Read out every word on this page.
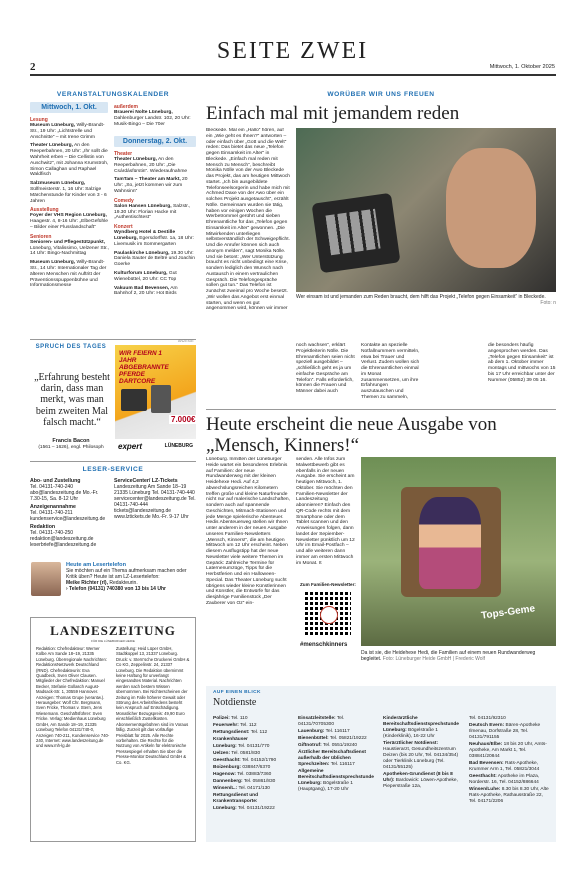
SEITE ZWEI
2	Mittwoch, 1. Oktober 2025
VERANSTALTUNGSKALENDER
Mittwoch, 1. Okt.
Lesung
Museum Lüneburg, Willy-Brandt-Str., 19 Uhr: „Lichtstrelle und Anschnitte“ – mit Irene Grimm
Theater Lüneburg, An den Reeperbahnen, 20 Uhr: „Ihr sollt die Wahrheit erben – Die Cellistin von Auschwitz“, mit Johanna Krumstroh, Simon Callaghan und Raphael Waldfisch
Salzmuseum Lüneburg, Sülfmeisterstr. 1, 16 Uhr: Salzige Märchenstunde für Kinder von 3 - 6 Jahren
Ausstellung
Foyer der VHS Region Lüneburg, Haagestr. 4, 8-16 Uhr: „ElbeGefühle – Bilder einer Flusslandschaft“
Senioren
Senioren- und Pflegestützpunkt, Lüneburg, Vitalissimo, Uelzener Str., 14 Uhr: Bingo-Nachmittag
Museum Lüneburg, Willy-Brandt-Str., 14 Uhr: Internationaler Tag der älteren Menschen mit Auftritt der Präventionsspuppenbühne und Informationsmesse
außerdem
Brauerei Nolte Lüneburg, Dahlenburger Landstr. 102, 20 Uhr: Musik-Bingo – Die 70er
Donnerstag, 2. Okt.
Theater
Theater Lüneburg, An den Reeperbahnen, 20 Uhr: „Die Csárdásfürstin“. Wiederaufnahme
TamTam – Theater am Markt, 20 Uhr: „So, jetzt kommen wir zum Wahnsinn“
Comedy
Salon Hansen Lüneburg, Salzstr., 19.30 Uhr: Florian Hacke mit „Authentischtest“
Konzert
Wyndberg Hotel & Destille Lüneburg, Egersdorffstr. 1a, 18 Uhr: Livemusik im Sommergarten
Paulaskirche Lüneburg, 19.30 Uhr: Daniela Sauter de Beltré und Joachin Goerke
Kulturforum Lüneburg, Gut Wienebüttel, 20 Uhr: CC Top
Vakuum Bad Bevensen, Am Bahnhof 2, 20 Uhr: Hot Birds
SPRUCH DES TAGES
„Erfahrung besteht darin, dass man merkt, was man beim zweiten Mal falsch macht.“
Francis Bacon
(1561 – 1626), engl. Philosoph
ANZEIGE
WIR FEIERN 1 JAHR ABGEBRANNTE PFERDE DARTCORE
7.000€
expert	LÜNEBURG
LESER-SERVICE
Abo- und Zustellung
Tel. 04131-740-240 abo@landeszeitung.de Mo.-Fr. 7.30-15, Sa. 8-12 Uhr
Anzeigenannahme
Tel. 04131-740-211 kundenservice@landeszeitung.de
Redaktion
Tel. 04131-740-250 redaktion@landeszeitung.de leserbriefe@landeszeitung.de
ServiceCenter/ LZ-Tickets
Landeszeitung Am Sande 18–19 21335 Lüneburg Tel. 04131-740-440 servicecenter@landeszeitung.de Tel. 04131-740-444 tickets@landeszeitung.de www.lztickets.de Mo.-Fr. 9-17 Uhr
Heute am Lesertelefon
Sie möchten auf ein Thema aufmerksam machen oder Kritik üben? Heute ist am LZ-Lesertelefon:
Meike Richter (rl), Redakteurin.
› Telefon (04131) 740380 von 13 bis 14 Uhr
LANDESZEITUNG
FÜR DIE LÜNEBURGER HEIDE
Redaktion: Chefredakteur: Werner Kolbe Am Sande 18–19, 21335 Lüneburg. Überregionale Nachrichten: RedaktionsNetzwerk Deutschland (RND). Chefredakteurin: Eva Quadbeck, Sven Oliver Clausen. Mitglieder der Chefredaktion: Manuel Becker, Stefanie Gollasch August-Madsack-Str. 1, 30559 Hannover. Anzeigen: Thomas Grupe (verantw.). Herausgeber: Wolf Chr. Bergmann, Sven Fricke, Thomas v. Stern, Jens Wiesemann. Geschäftsführer: Sven Fricke. Verlag: Medienhaus Lüneburg GmbH, Am Sande 18–19, 21335 Lüneburg Telefon 04131/740-0, Anzeigen 740-211, Kundenservice 740-240, Internet: www.landeszeitung.de und www.mh-lg.de
Zustellung: Heid Lüper GmbH, Stadtkoppel 13, 21337 Lüneburg. Druck: v. Stern'sche Druckerei GmbH & Co KG, Zeppelinstr. 24, 21337 Lüneburg. Die Redaktion übernimmt keine Haftung für unverlangt eingesandtes Material. Nachrichten werden nach bestem Wissen übernommen. Bei Nichterscheinen der Zeitung im Falle höherer Gewalt oder Störung des Arbeitsfriedens besteht kein Anspruch auf Entschädigung. Monatlicher Bezugspreis: 49,90 Euro einschließlich Zustellkosten. Abonnementsgebühren sind im Voraus fällig. Zurzeit gilt das vorläufige Preisblatt für 2025. Alle Rechte vorbehalten. Die Rechte für die Nutzung von Artikeln für elektronische Pressespiegel erhalten Sie über die Presse-Monitor Deutschland GmbH & Co. KG.
WORÜBER WIR UNS FREUEN
Einfach mal mit jemandem reden
Bleckede. Mal ein „Hallo“ hören, auf ein „Wie geht es Ihnen?“ antworten – oder einfach über „Gott und die Welt“ reden: Das bietet das neue „Telefon gegen Einsamkeit im Alter“ in Bleckede. „Einfach mal reden mit Mensch zu Mensch“, beschreibt Monika Nölle von der Awo Bleckede das Projekt, das am heutigen Mittwoch startet. „Ich bin ausgebildete Telefonseelsorgerin und habe mich mit Achmed Daxe von der Awo über ein solches Projekt ausgetauscht“, erzählt Nölle. Gemeinsam wurden sie tätig, haben vor einigen Wochen die Werbetrommel gerührt und sieben Ehrenamtliche für das „Telefon gegen Einsamkeit im Alter“ gewonnen. „Die Mitwirkenden unterliegen selbstverständlich der Schweigepflicht. Und die Anrufer können sich auch anonym melden“, sagt Monika Nölle. Und sie betont: „Wer Unterstützung braucht es nicht unbedingt eine Krise, sondern lediglich den Wunsch nach Austausch in einem vertraulichen Gespräch. Die Telefongespräche sollen gut tun.“ Das Telefon ist zunächst zweimal pro Woche besetzt. „Wir wollen das Angebot erst einmal starten, und wenn es gut angenommen wird, können wir immer
Wer einsam ist und jemanden zum Reden braucht, dem hilft das Projekt „Telefon gegen Einsamkeit“ in Bleckede.
Foto: n
noch wachsen“, erklärt Projektleiterin Nölle. Die Ehrenamtlichen seien nicht speziell ausgebildet – „schließlich geht es ja um einfache Gespräche am Telefon“. Falls erforderlich, können die Frauen und Männer dabei auch
Kontakte an spezielle Notfallnummern vermitteln, etwa bei Trauer und Verlust. Zudem wollen sich die Ehrenamtlichen einmal im Monat zusammensetzen, um ihre Erfahrungen auszutauschen und Themen zu sammeln,
die besonders häufig angesprochen werden. Das „Telefon gegen Einsamkeit“ ist ab dem 1. Oktober immer montags und mittwochs von 15 bis 17 Uhr erreichbar unter der Nummer (05852) 39 05 16.
Heute erscheint die neue Ausgabe von „Mensch, Kinners!“
Lüneburg. Inmitten der Lüneburger Heide wartet ein besonderes Erlebnis auf Familien: der neue Rundwanderweg mit der kleinen Heidehexe Hedi. Auf 4,2 abwechslungsreichen Kilometern treffen große und kleine Naturfreunde nicht nur auf malerische Landschaften, sondern auch auf spannende Geschichten, Mitmach-Stationen und jede Menge spielerische Abenteuer. Hedis Abenteuerweg stellen wir Ihnen unter anderem in der neuen Ausgabe unseres Familien-Newsletters „Mensch, Kinners!“, die am heutigen Mittwoch um 12 Uhr erscheint. Neben diesem Ausflugstipp hat der neue Newsletter viele weitere Themen im Gepäck: Zahlreiche Termine für Laternenumzüge, Tipps für die Herbstferien und ein Halloween-Special. Das Theater Lüneburg sucht übrigens wieder kleine Künstlerinnen und Künstler, die Entwürfe für das diesjährige Familienstück „Der Zauberer von Oz“ ein-
senden. Alle Infos zum Malwettbewerb gibt es ebenfalls in der neuen Ausgabe. Sie erscheint am heutigen Mittwoch, 1. Oktober. Sie möchten den Familien-Newsletter der Landeszeitung abonnieren? Einfach den QR-Code rechts mit dem Smartphone oder dem Tablet scannen und den Anweisungen folgen, dann landet der Sepiember-Newsletter pünktlich um 12 Uhr im Email-Postfach – und alle weiteren dann immer am ersten Mittwoch im Monat. It
Zum Familien-Newsletter:
#menschkinners
Tops-Geme
Da ist sie, die Heidehexe Hedi, die Familien auf einem neuen Rundwanderweg begleitet. Foto: Lüneburger Heide GmbH | Frederic Wolf
AUF EINEN BLICK
Notdienste
Polizei: Tel. 110
Feuerwehr: Tel. 112
Rettungsdienst: Tel. 112
Krankenhäuser
Lüneburg: Tel. 04131/770
Uelzen: Tel. 0581/830
Geesthacht: Tel. 04152/1790
Boizenburg: 038847/6370
Hagenow: Tel. 03883/7360
Dannenberg: Tel. 05861/830
Winsen/L.: Tel. 04171/130
Rettungsdienst und Krankentransporte:
Lüneburg: Tel. 04131/19222
Einsatzleitstelle: Tel. 04131/70705300
Lauenburg: Tel. 116117
Bienenbüttel: Tel. 05821/19222
Giftnotruf: Tel. 0551/19240
Ärztlicher Bereitschaftsdienst außerhalb der üblichen Sprechzeiten: Tel. 116117
Allgemeine Bereitschaftsdienstsprechstunde Lüneburg: Bögelstraße 1 (Hauptgang), 17-20 Uhr
Kinderärztliche Bereitschaftsdienstsprechstunde Lüneburg: Bögelstraße 1 (Kinderklinik), 16-22 Uhr
Tierärztlicher Notdienst: Haustierarzt, Gesundheitszentrum Deizen (bis 20 Uhr, Tel. 04134/354) oder Tierklinik Lüneburg (Tel. 04131/55125)
Apotheken-Grundienst (8 bis 8 Uhr): Bardowick: Löwen-Apotheke, Pieperstraße 12a,
Tel. 04131/92310
Deutsch Evern: Bären-Apotheke Ilmenau, Dorfstraße 28, Tel. 04131/791155
Neuhaus/Elbe: 18 bis 20 Uhr, Amts-Apotheke, Am Markt 1, Tel. 038841/20844
Bad Bevensen: Rats-Apotheke, Krummer Arm 1, Tel. 05821/3044
Geesthacht: Apotheke im Plaza, Norderstr. 16, Tel. 04152/886644
Winsen/Luhe: 8.30 bis 8.30 Uhr, Alte Rats-Apotheke, Rathausstraße 22, Tel. 04171/2206
